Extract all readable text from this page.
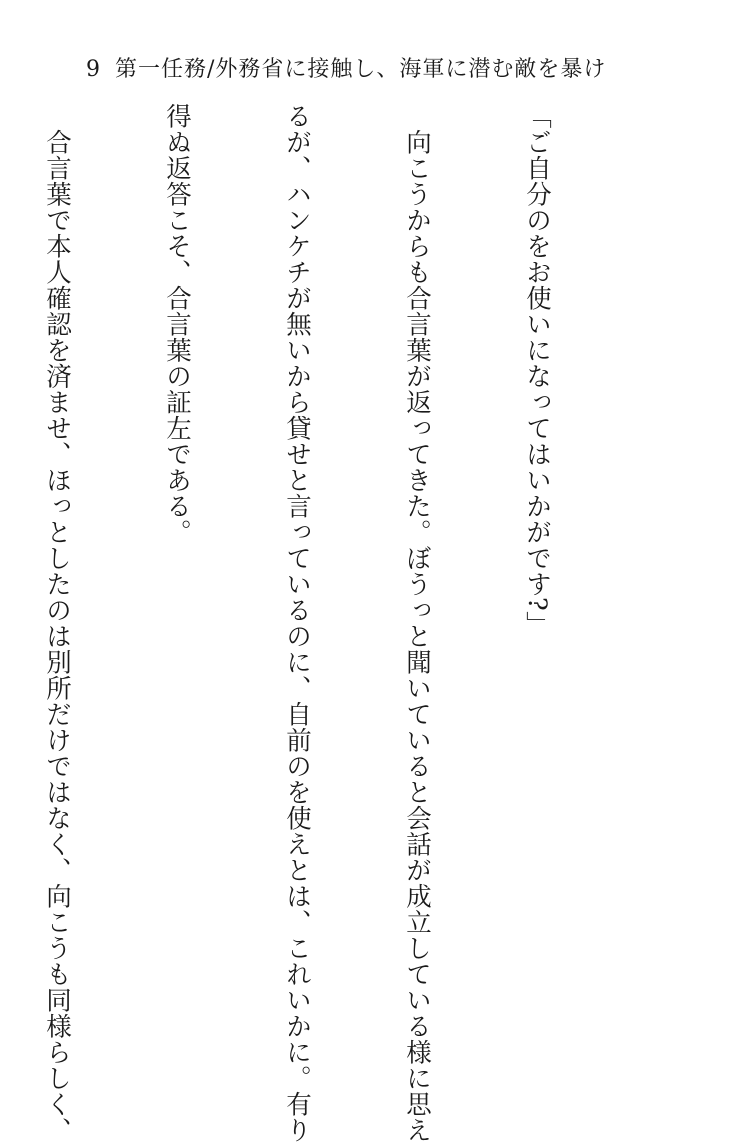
9 第一任務/外務省に接触し、海軍に潜む敵を暴け

「ご自分のをお使いになってはいかがです?」

　向こうからも合言葉が返ってきた。ぼうっと聞いていると会話が成立している様に思え

るが、ハンケチが無いから貸せと言っているのに、自前のを使えとは、これいかに。有り

得ぬ返答こそ、合言葉の証左である。

　合言葉で本人確認を済ませ、ほっとしたのは別所だけではなく、向こうも同様らしく、
